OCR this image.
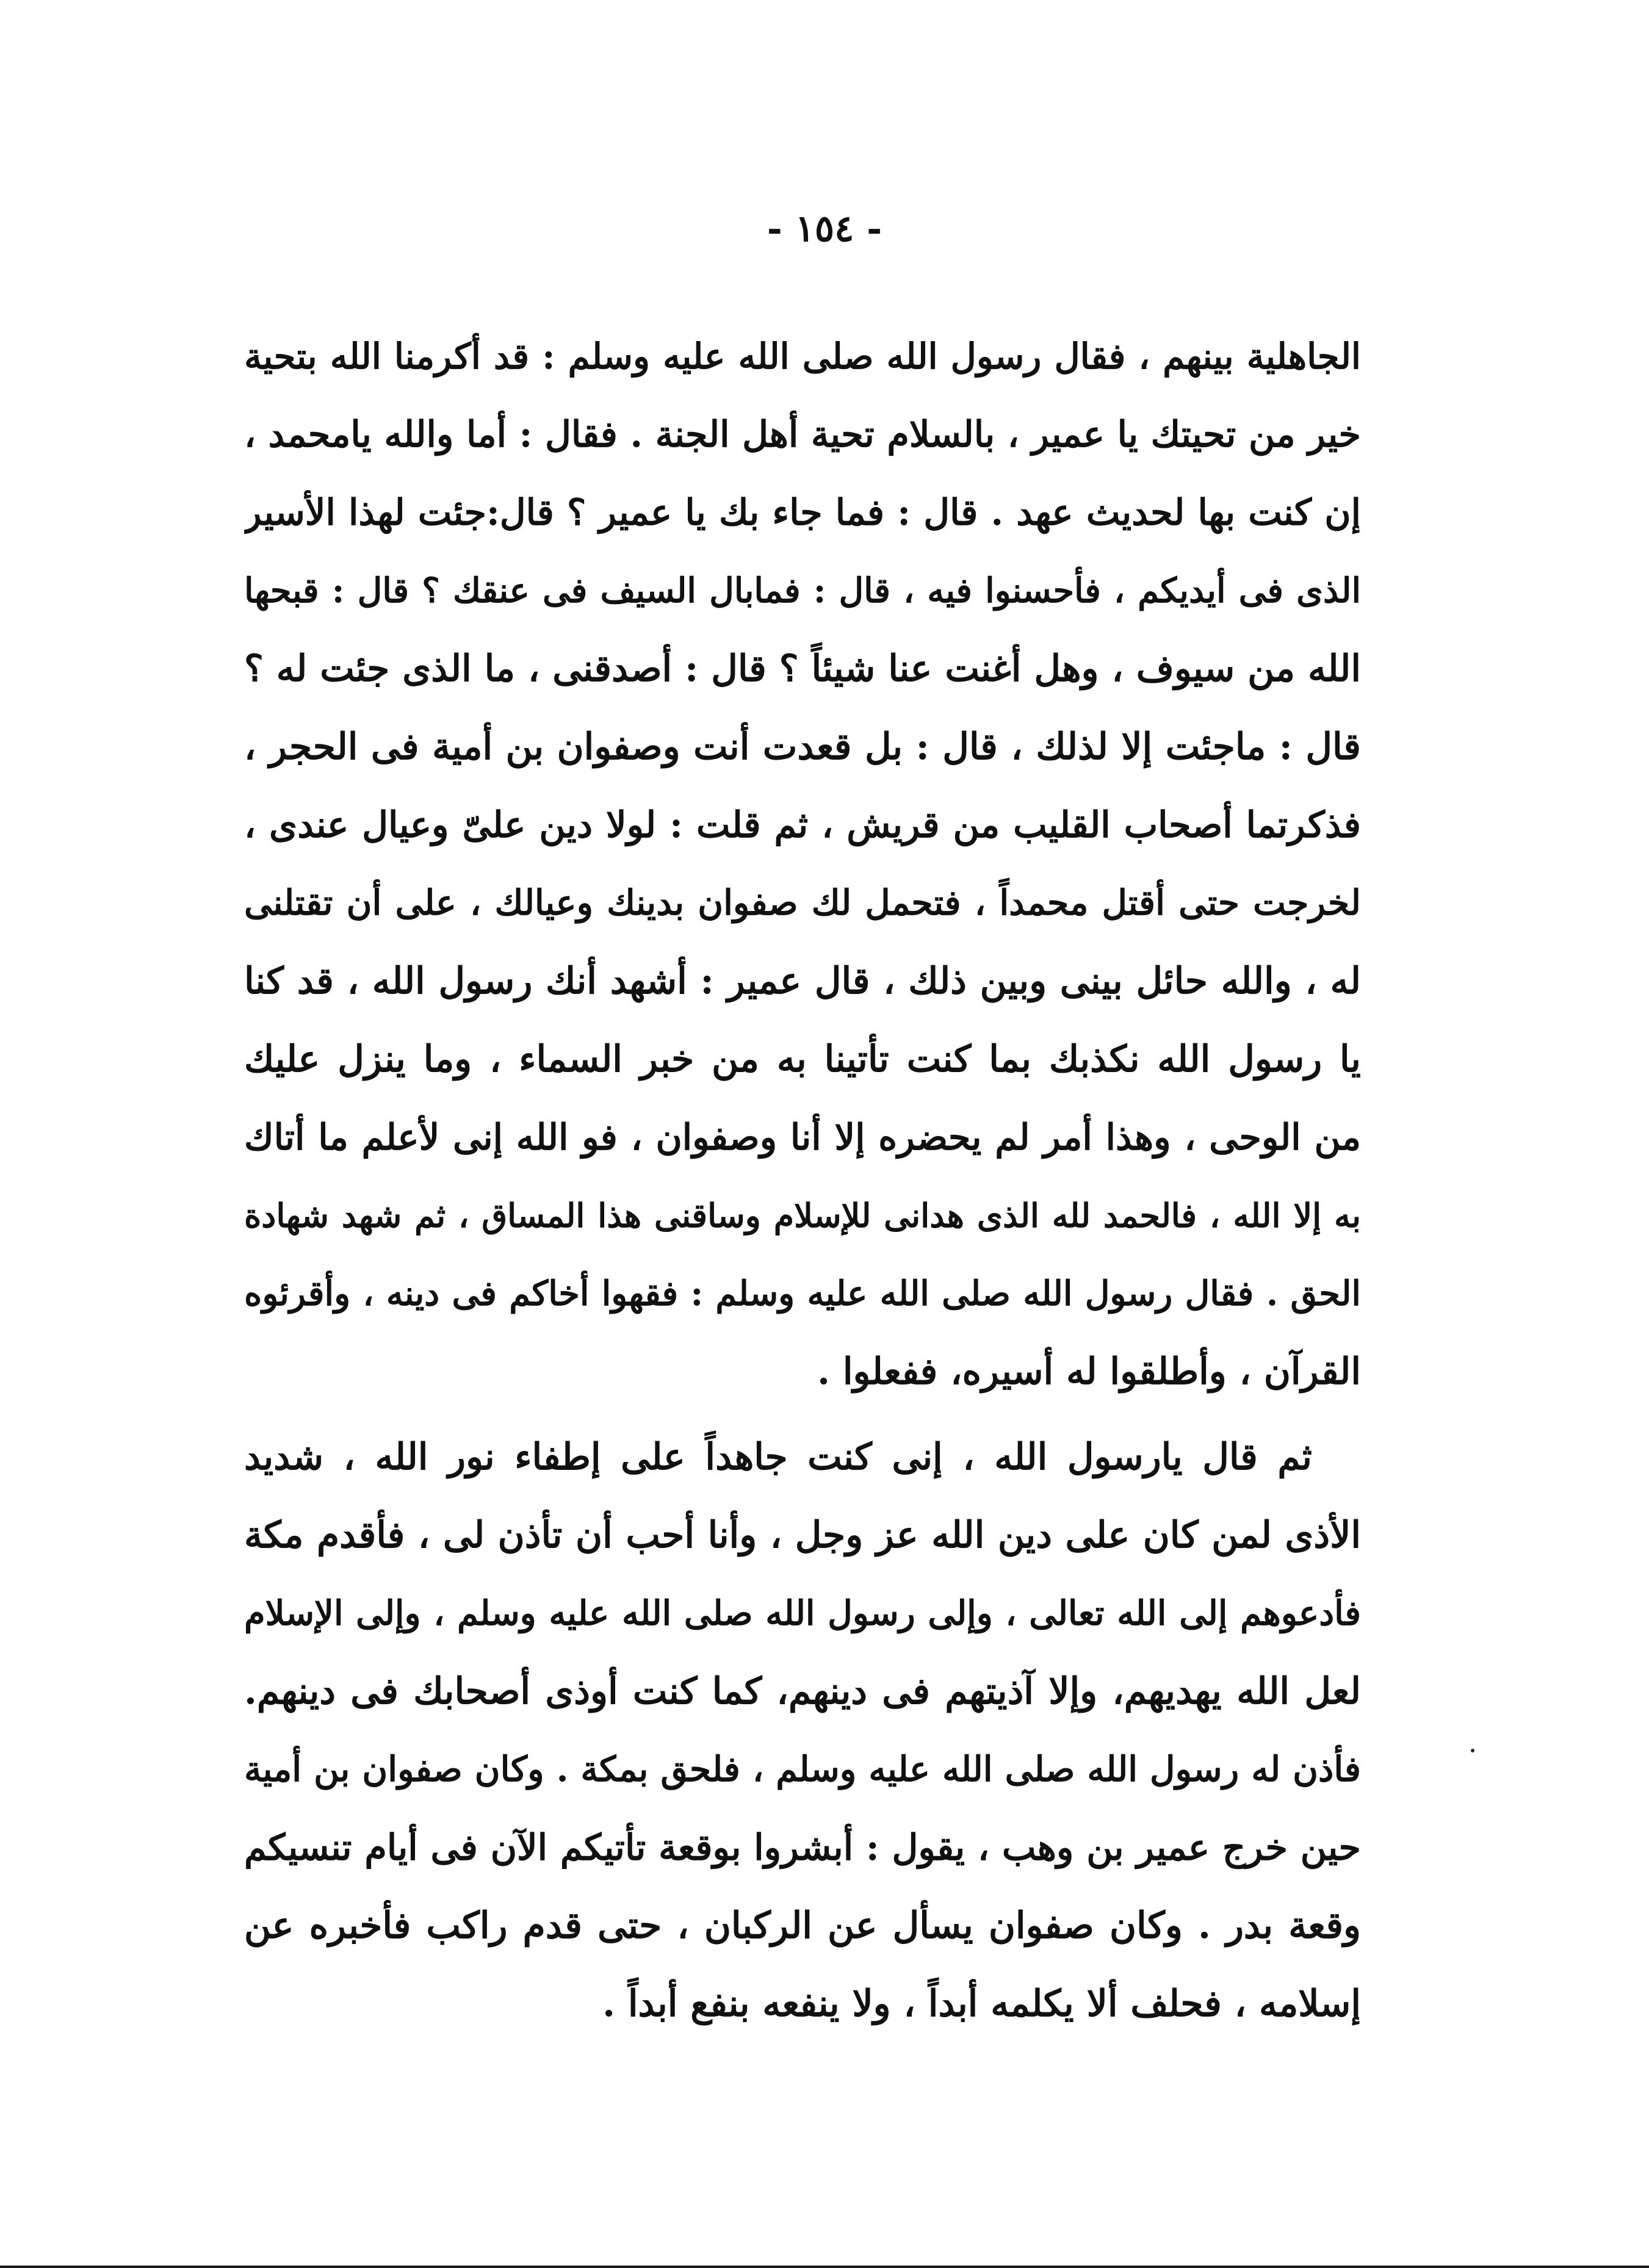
- ١٥٤ -
الجاهلية بينهم ، فقال رسول الله صلى الله عليه وسلم : قد أكرمنا الله بتحية
خير من تحيتك يا عمير ، بالسلام تحية أهل الجنة . فقال : أما والله يامحمد ،
إن كنت بها لحديث عهد . قال : فما جاء بك يا عمير ؟ قال:جئت لهذا الأسير
الذى فى أيديكم ، فأحسنوا فيه ، قال : فمابال السيف فى عنقك ؟ قال : قبحها
الله من سيوف ، وهل أغنت عنا شيئاً ؟ قال : أصدقنى ، ما الذى جئت له ؟
قال : ماجئت إلا لذلك ، قال : بل قعدت أنت وصفوان بن أمية فى الحجر ،
فذكرتما أصحاب القليب من قريش ، ثم قلت : لولا دين علىّ وعيال عندى ،
لخرجت حتى أقتل محمداً ، فتحمل لك صفوان بدينك وعيالك ، على أن تقتلنى
له ، والله حائل بينى وبين ذلك ، قال عمير : أشهد أنك رسول الله ، قد كنا
يا رسول الله نكذبك بما كنت تأتينا به من خبر السماء ، وما ينزل عليك
من الوحى ، وهذا أمر لم يحضره إلا أنا وصفوان ، فو الله إنى لأعلم ما أتاك
به إلا الله ، فالحمد لله الذى هدانى للإسلام وساقنى هذا المساق ، ثم شهد شهادة
الحق . فقال رسول الله صلى الله عليه وسلم : فقهوا أخاكم فى دينه ، وأقرئوه
القرآن ، وأطلقوا له أسيره، ففعلوا .
ثم قال يارسول الله ، إنى كنت جاهداً على إطفاء نور الله ، شديد
الأذى لمن كان على دين الله عز وجل ، وأنا أحب أن تأذن لى ، فأقدم مكة
فأدعوهم إلى الله تعالى ، وإلى رسول الله صلى الله عليه وسلم ، وإلى الإسلام
لعل الله يهديهم، وإلا آذيتهم فى دينهم، كما كنت أوذى أصحابك فى دينهم.
فأذن له رسول الله صلى الله عليه وسلم ، فلحق بمكة . وكان صفوان بن أمية
حين خرج عمير بن وهب ، يقول : أبشروا بوقعة تأتيكم الآن فى أيام تنسيكم
وقعة بدر . وكان صفوان يسأل عن الركبان ، حتى قدم راكب فأخبره عن
إسلامه ، فحلف ألا يكلمه أبداً ، ولا ينفعه بنفع أبداً .
